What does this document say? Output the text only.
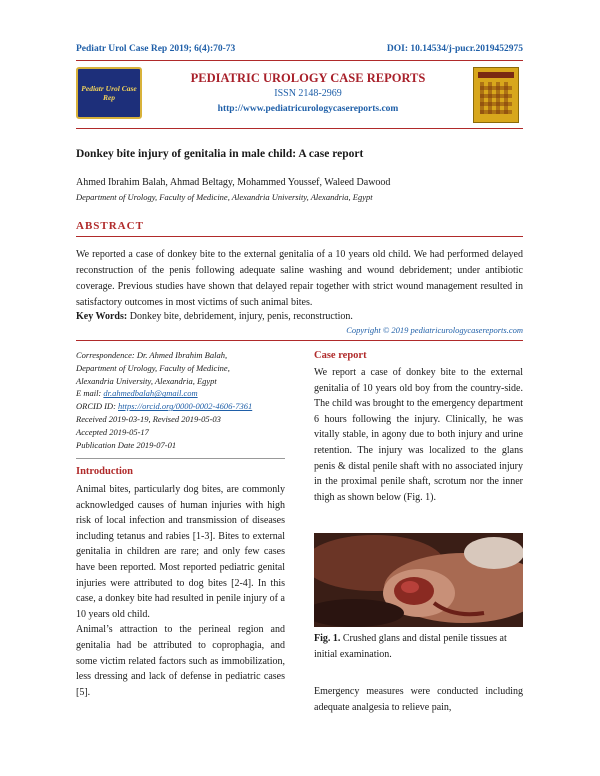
Pediatr Urol Case Rep 2019; 6(4):70-73	DOI: 10.14534/j-pucr.2019452975
Pediatr Urol Case Rep
PEDIATRIC UROLOGY CASE REPORTS
ISSN 2148-2969
http://www.pediatricurologycasereports.com
Donkey bite injury of genitalia in male child: A case report
Ahmed Ibrahim Balah, Ahmad Beltagy, Mohammed Youssef, Waleed Dawood
Department of Urology, Faculty of Medicine, Alexandria University, Alexandria, Egypt
ABSTRACT
We reported a case of donkey bite to the external genitalia of a 10 years old child. We had performed delayed reconstruction of the penis following adequate saline washing and wound debridement; under antibiotic coverage. Previous studies have shown that delayed repair together with strict wound management resulted in satisfactory outcomes in most victims of such animal bites.
Key Words: Donkey bite, debridement, injury, penis, reconstruction.
Copyright © 2019 pediatricurologycasereports.com
Correspondence: Dr. Ahmed Ibrahim Balah,
Department of Urology, Faculty of Medicine,
Alexandria University, Alexandria, Egypt
E mail: dr.ahmedbalah@gmail.com
ORCID ID: https://orcid.org/0000-0002-4606-7361
Received 2019-03-19, Revised 2019-05-03
Accepted 2019-05-17
Publication Date 2019-07-01
Introduction

Animal bites, particularly dog bites, are commonly acknowledged causes of human injuries with high risk of local infection and transmission of diseases including tetanus and rabies [1-3]. Bites to external genitalia in children are rare; and only few cases have been reported. Most reported pediatric genital injuries were attributed to dog bites [2-4]. In this case, a donkey bite had resulted in penile injury of a 10 years old child.

Animal’s attraction to the perineal region and genitalia had be attributed to coprophagia, and some victim related factors such as immobilization, less dressing and lack of defense in pediatric cases [5].

Case report
We report a case of donkey bite to the external genitalia of 10 years old boy from the country-side. The child was brought to the emergency department 6 hours following the injury. Clinically, he was vitally stable, in agony due to both injury and urine retention. The injury was localized to the glans penis & distal penile shaft with no associated injury in the proximal penile shaft, scrotum nor the inner thigh as shown below (Fig. 1).
Fig. 1. Crushed glans and distal penile tissues at initial examination.
Emergency measures were conducted including adequate analgesia to relieve pain,
